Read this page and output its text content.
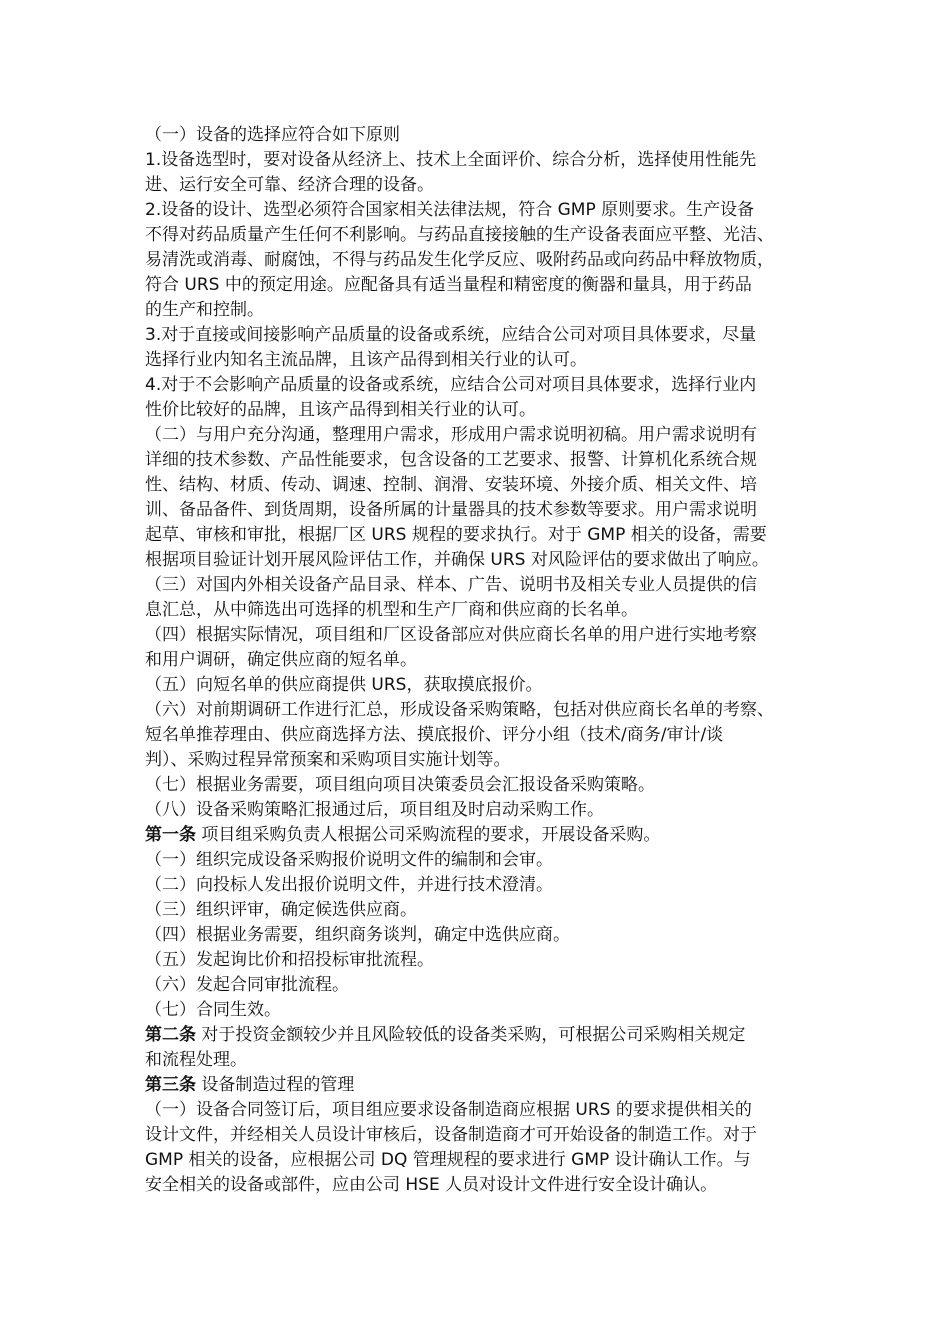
（一）设备的选择应符合如下原则
1.设备选型时，要对设备从经济上、技术上全面评价、综合分析，选择使用性能先
进、运行安全可靠、经济合理的设备。
2.设备的设计、选型必须符合国家相关法律法规，符合 GMP 原则要求。生产设备
不得对药品质量产生任何不利影响。与药品直接接触的生产设备表面应平整、光洁、
易清洗或消毒、耐腐蚀，不得与药品发生化学反应、吸附药品或向药品中释放物质，
符合 URS 中的预定用途。应配备具有适当量程和精密度的衡器和量具，用于药品
的生产和控制。
3.对于直接或间接影响产品质量的设备或系统，应结合公司对项目具体要求，尽量
选择行业内知名主流品牌，且该产品得到相关行业的认可。
4.对于不会影响产品质量的设备或系统，应结合公司对项目具体要求，选择行业内
性价比较好的品牌，且该产品得到相关行业的认可。
（二）与用户充分沟通，整理用户需求，形成用户需求说明初稿。用户需求说明有
详细的技术参数、产品性能要求，包含设备的工艺要求、报警、计算机化系统合规
性、结构、材质、传动、调速、控制、润滑、安装环境、外接介质、相关文件、培
训、备品备件、到货周期，设备所属的计量器具的技术参数等要求。用户需求说明
起草、审核和审批，根据厂区 URS 规程的要求执行。对于 GMP 相关的设备，需要
根据项目验证计划开展风险评估工作，并确保 URS 对风险评估的要求做出了响应。
（三）对国内外相关设备产品目录、样本、广告、说明书及相关专业人员提供的信
息汇总，从中筛选出可选择的机型和生产厂商和供应商的长名单。
（四）根据实际情况，项目组和厂区设备部应对供应商长名单的用户进行实地考察
和用户调研，确定供应商的短名单。
（五）向短名单的供应商提供 URS，获取摸底报价。
（六）对前期调研工作进行汇总，形成设备采购策略，包括对供应商长名单的考察、
短名单推荐理由、供应商选择方法、摸底报价、评分小组（技术/商务/审计/谈
判）、采购过程异常预案和采购项目实施计划等。
（七）根据业务需要，项目组向项目决策委员会汇报设备采购策略。
（八）设备采购策略汇报通过后，项目组及时启动采购工作。
第一条 项目组采购负责人根据公司采购流程的要求，开展设备采购。
（一）组织完成设备采购报价说明文件的编制和会审。
（二）向投标人发出报价说明文件，并进行技术澄清。
（三）组织评审，确定候选供应商。
（四）根据业务需要，组织商务谈判，确定中选供应商。
（五）发起询比价和招投标审批流程。
（六）发起合同审批流程。
（七）合同生效。
第二条 对于投资金额较少并且风险较低的设备类采购，可根据公司采购相关规定
和流程处理。
第三条 设备制造过程的管理
（一）设备合同签订后，项目组应要求设备制造商应根据 URS 的要求提供相关的
设计文件，并经相关人员设计审核后，设备制造商才可开始设备的制造工作。对于
GMP 相关的设备，应根据公司 DQ 管理规程的要求进行 GMP 设计确认工作。与
安全相关的设备或部件，应由公司 HSE 人员对设计文件进行安全设计确认。
